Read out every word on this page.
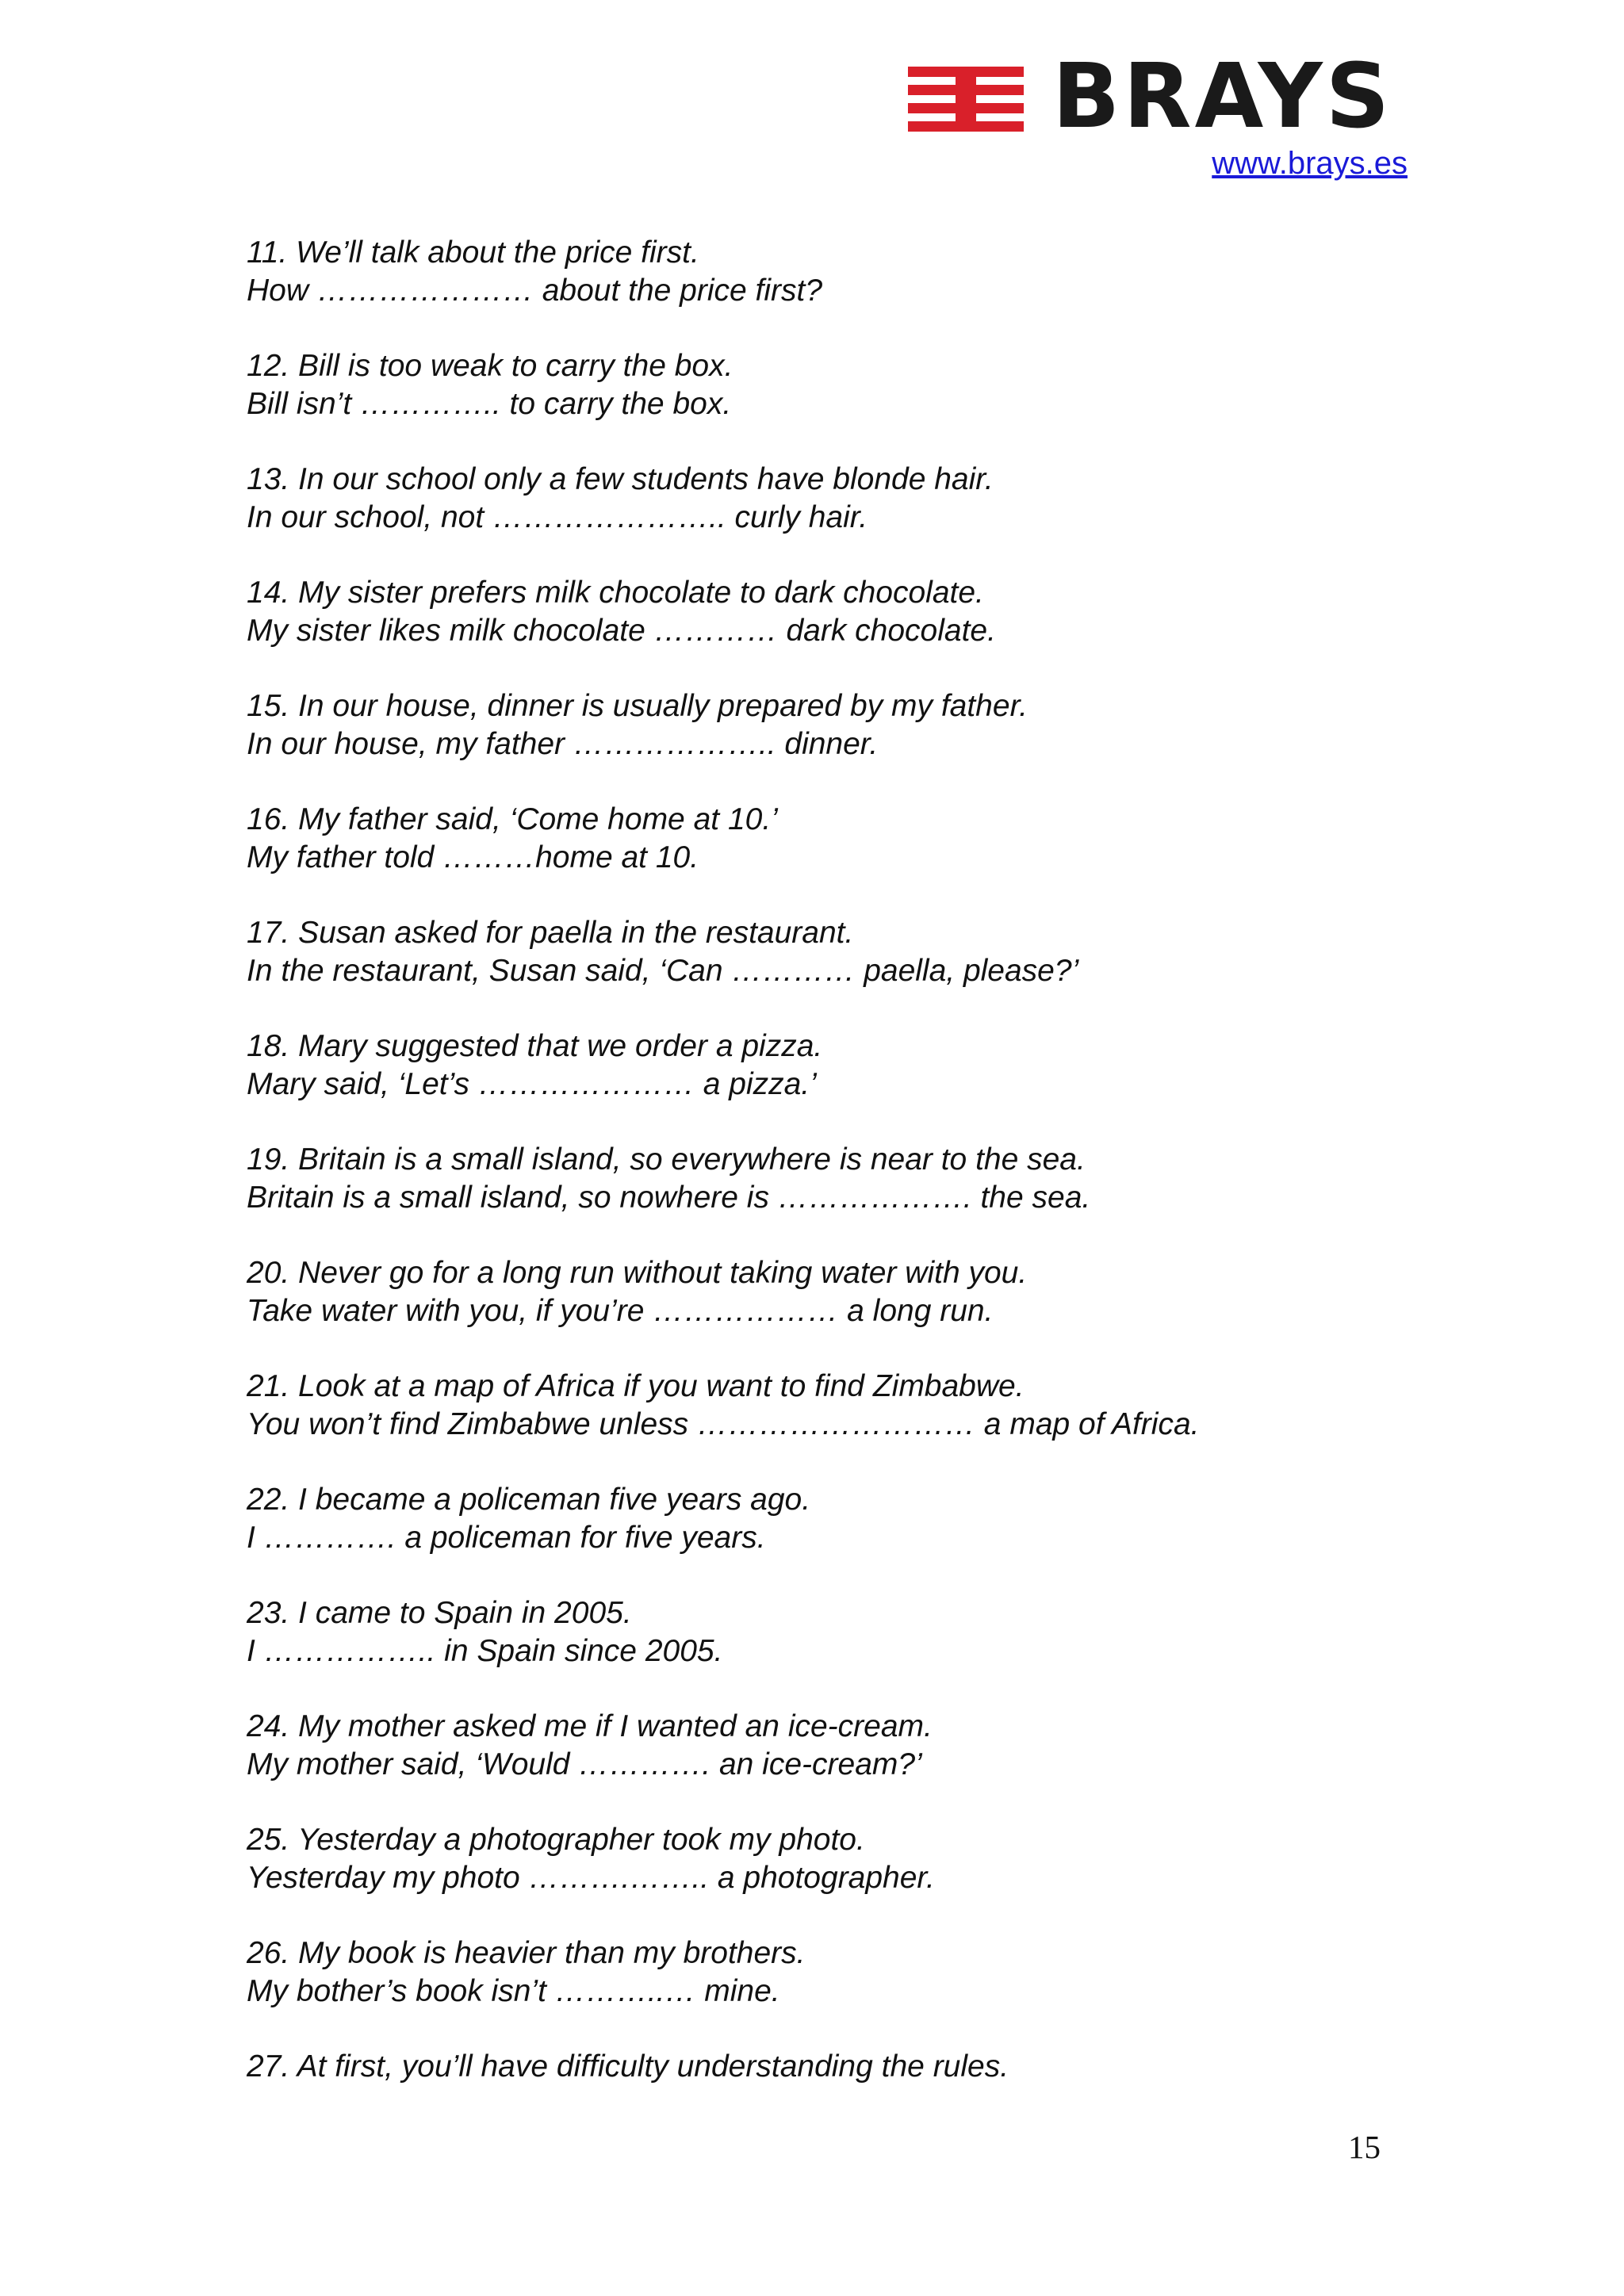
BRAYS
www.brays.es
11. We’ll talk about the price first.
How ………………… about the price first?
12. Bill is too weak to carry the box.
Bill isn’t ………….. to carry the box.
13. In our school only a few students have blonde hair.
In our school, not ………………….. curly hair.
14. My sister prefers milk chocolate to dark chocolate.
My sister likes milk chocolate ………… dark chocolate.
15. In our house, dinner is usually prepared by my father.
In our house, my father ……………….. dinner.
16. My father said, ‘Come home at 10.’
My father told ………home at 10.
17. Susan asked for paella in the restaurant.
In the restaurant, Susan said, ‘Can ………… paella, please?’
18. Mary suggested that we order a pizza.
Mary said, ‘Let’s ………………… a pizza.’
19. Britain is a small island, so everywhere is near to the sea.
Britain is a small island, so nowhere is ………………. the sea.
20. Never go for a long run without taking water with you.
Take water with you, if you’re ……………… a long run.
21. Look at a map of Africa if you want to find Zimbabwe.
You won’t find Zimbabwe unless ……………………… a map of Africa.
22. I became a policeman five years ago.
I …………. a policeman for five years.
23. I came to Spain in 2005.
I …………….. in Spain since 2005.
24. My mother asked me if I wanted an ice-cream.
My mother said, ‘Would …………. an ice-cream?’
25. Yesterday a photographer took my photo.
Yesterday my photo ……….…….. a photographer.
26. My book is heavier than my brothers.
My bother’s book isn’t ………..… mine.
27. At first, you’ll have difficulty understanding the rules.
15
